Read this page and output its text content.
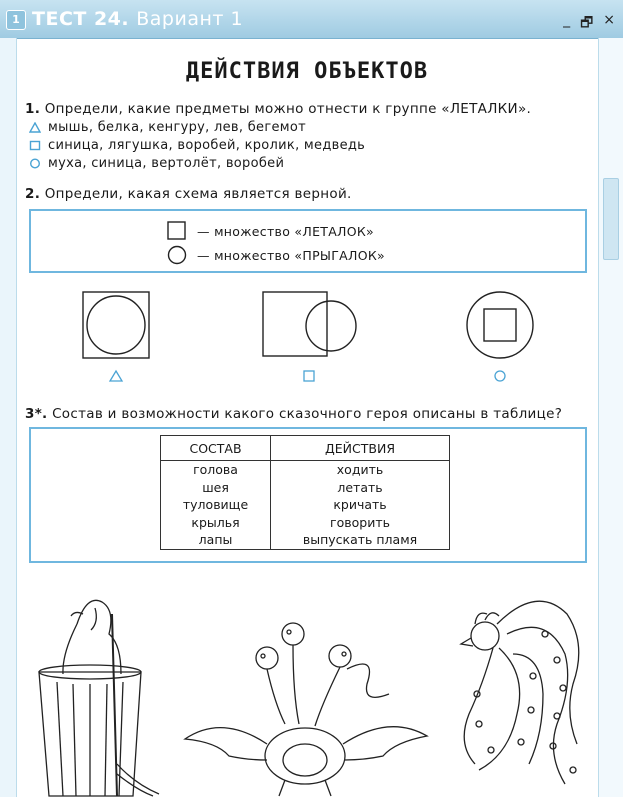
1 ТЕСТ 24. Вариант 1	_ 🗗 ×
ДЕЙСТВИЯ ОБЪЕКТОВ
1. Определи, какие предметы можно отнести к группе «ЛЕТАЛКИ».
мышь, белка, кенгуру, лев, бегемот
синица, лягушка, воробей, кролик, медведь
муха, синица, вертолёт, воробей
2. Определи, какая схема является верной.
— множество «ЛЕТАЛОК»
— множество «ПРЫГАЛОК»
3*. Состав и возможности какого сказочного героя описаны в таблице?
СОСТАВ	ДЕЙСТВИЯ
голова	ходить
шея	летать
туловище	кричать
крылья	говорить
лапы	выпускать пламя
